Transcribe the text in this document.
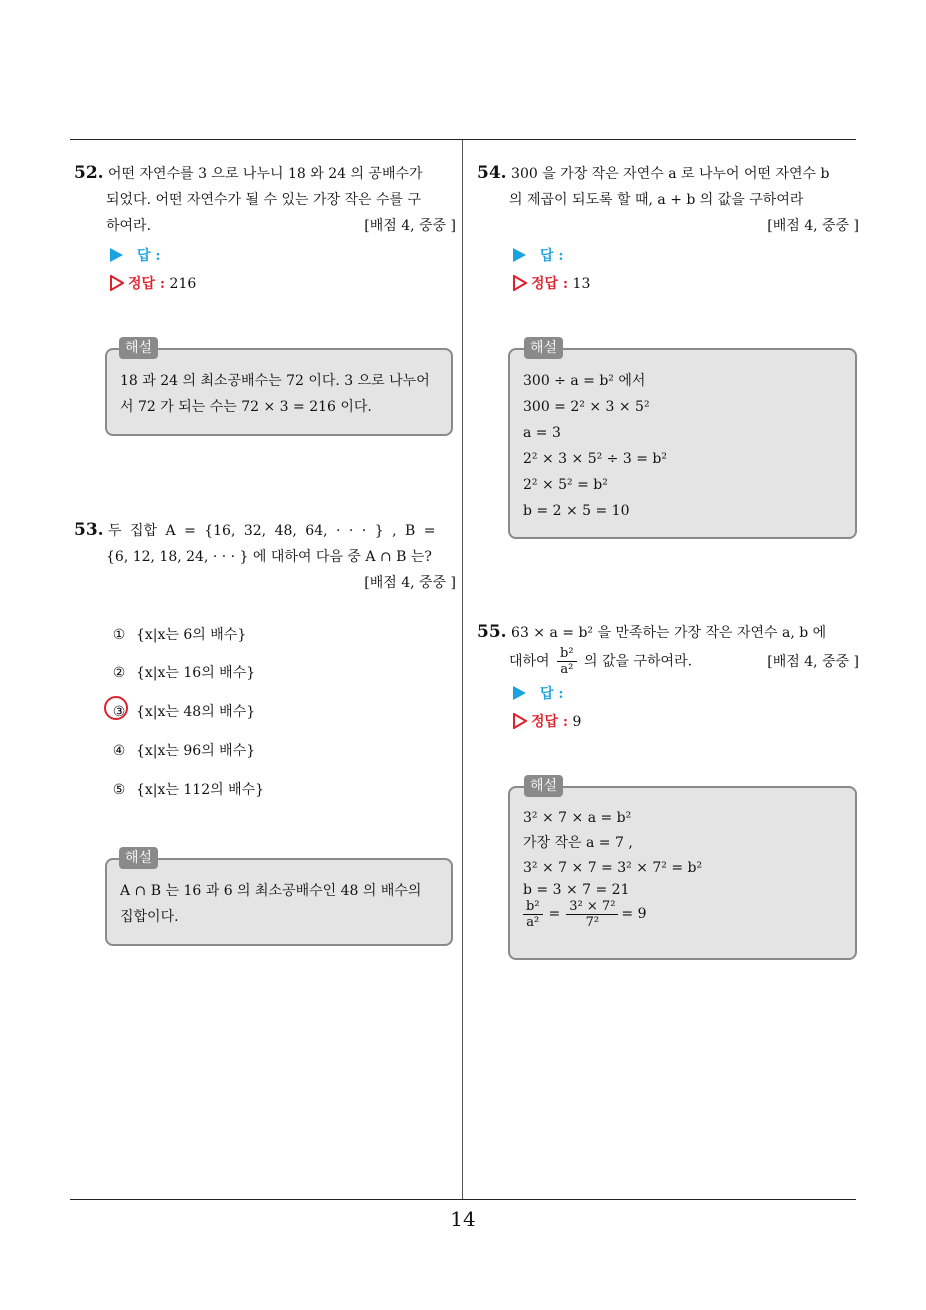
52. 어떤 자연수를 3 으로 나누니 18 와 24 의 공배수가
되었다. 어떤 자연수가 될 수 있는 가장 작은 수를 구
하여라.	[배점 4, 중중 ]
답 :
정답 : 216
18 과 24 의 최소공배수는 72 이다. 3 으로 나누어
서 72 가 되는 수는 72 × 3 = 216 이다.
해설
53. 두 집합 A = {16, 32, 48, 64, · · · } , B =
{6, 12, 18, 24, · · · } 에 대하여 다음 중 A ∩ B 는?
[배점 4, 중중 ]
① {x|x는 6의 배수}
② {x|x는 16의 배수}
③ {x|x는 48의 배수}
④ {x|x는 96의 배수}
⑤ {x|x는 112의 배수}
A ∩ B 는 16 과 6 의 최소공배수인 48 의 배수의
집합이다.
해설
54. 300 을 가장 작은 자연수 a 로 나누어 어떤 자연수 b
의 제곱이 되도록 할 때, a + b 의 값을 구하여라
[배점 4, 중중 ]
답 :
정답 : 13
300 ÷ a = b² 에서
300 = 2² × 3 × 5²
a = 3
2² × 3 × 5² ÷ 3 = b²
2² × 5² = b²
b = 2 × 5 = 10
해설
55. 63 × a = b² 을 만족하는 가장 작은 자연수 a, b 에
대하여 $\frac{\text{b²}}{\text{a²}}$ 의 값을 구하여라.	[배점 4, 중중 ]
답 :
정답 : 9
3² × 7 × a = b²
가장 작은 a = 7 ,
3² × 7 × 7 = 3² × 7² = b²
b = 3 × 7 = 21
$\frac{\text{b²}}{\text{a²}} = \frac{\text{3² × 7²}}{\text{7²}} = 9$
해설
14
